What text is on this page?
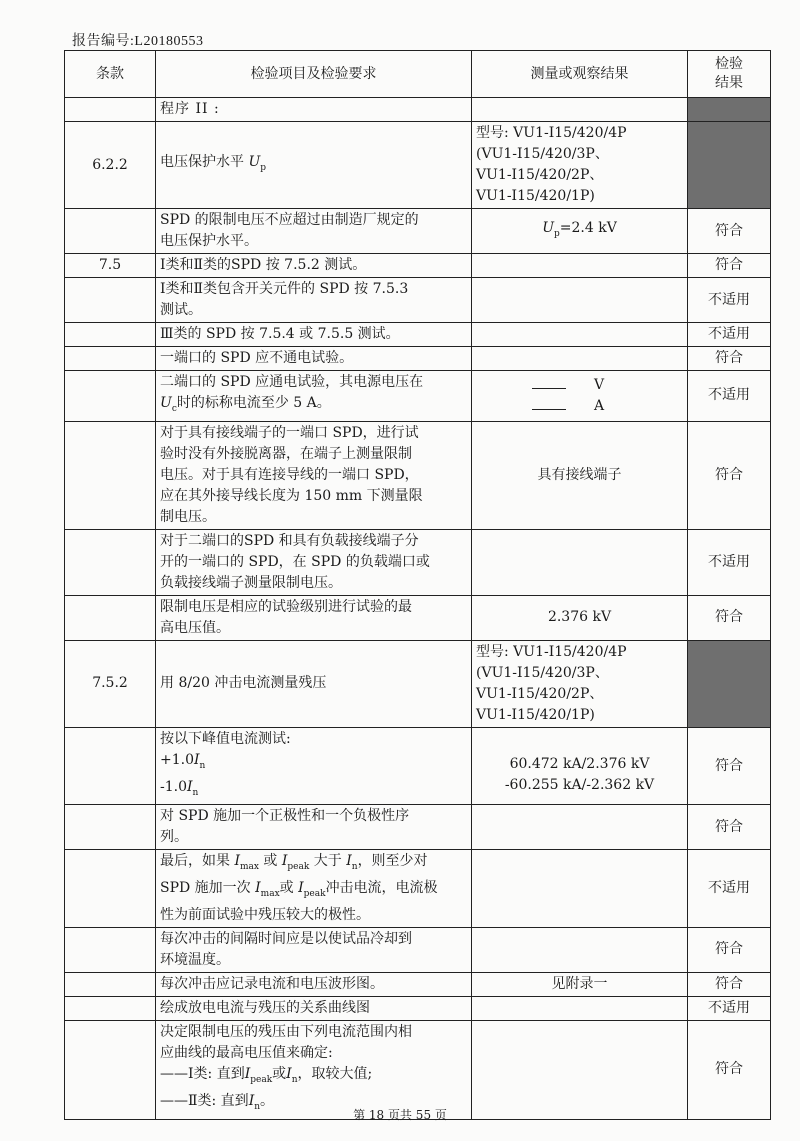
报告编号:L20180553
条款	检验项目及检验要求	测量或观察结果	检验
结果

	程序 II :		
6.2.2	电压保护水平 $U_p$	型号: VU1-I15/420/4P
(VU1-I15/420/3P、
VU1-I15/420/2P、
VU1-I15/420/1P)	

	SPD 的限制电压不应超过由制造厂规定的
电压保护水平。	$U_p=2.4$ kV	符合
7.5	Ⅰ类和Ⅱ类的SPD 按 7.5.2 测试。		符合

	Ⅰ类和Ⅱ类包含开关元件的 SPD 按 7.5.3
测试。		不适用
	Ⅲ类的 SPD 按 7.5.4 或 7.5.5 测试。		不适用
	一端口的 SPD 应不通电试验。		符合

	二端口的 SPD 应通电试验，其电源电压在
$U_c$时的标称电流至少 5 A。	V
A	不适用

	对于具有接线端子的一端口 SPD，进行试
验时没有外接脱离器，在端子上测量限制
电压。对于具有连接导线的一端口 SPD，
应在其外接导线长度为 150 mm 下测量限
制电压。	具有接线端子	符合

	对于二端口的SPD 和具有负载接线端子分
开的一端口的 SPD，在 SPD 的负载端口或
负载接线端子测量限制电压。		不适用

	限制电压是相应的试验级别进行试验的最
高电压值。	2.376 kV	符合
7.5.2	用 8/20 冲击电流测量残压	型号: VU1-I15/420/4P
(VU1-I15/420/3P、
VU1-I15/420/2P、
VU1-I15/420/1P)	

	按以下峰值电流测试:
$+1.0I_n$
$-1.0I_n$	60.472 kA/2.376 kV
-60.255 kA/-2.362 kV	符合

	对 SPD 施加一个正极性和一个负极性序
列。		符合

	最后，如果 $I_{max}$ 或 $I_{peak}$ 大于 $I_n$，则至少对
SPD 施加一次 $I_{max}$或 $I_{peak}$冲击电流，电流极
性为前面试验中残压较大的极性。		不适用

	每次冲击的间隔时间应是以使试品冷却到
环境温度。		符合
	每次冲击应记录电流和电压波形图。	见附录一	符合
	绘成放电电流与残压的关系曲线图		不适用

	决定限制电压的残压由下列电流范围内相
应曲线的最高电压值来确定:
——Ⅰ类: 直到$I_{peak}$或$I_n$，取较大值;
——Ⅱ类: 直到$I_n$。		符合
第 18 页共 55 页
